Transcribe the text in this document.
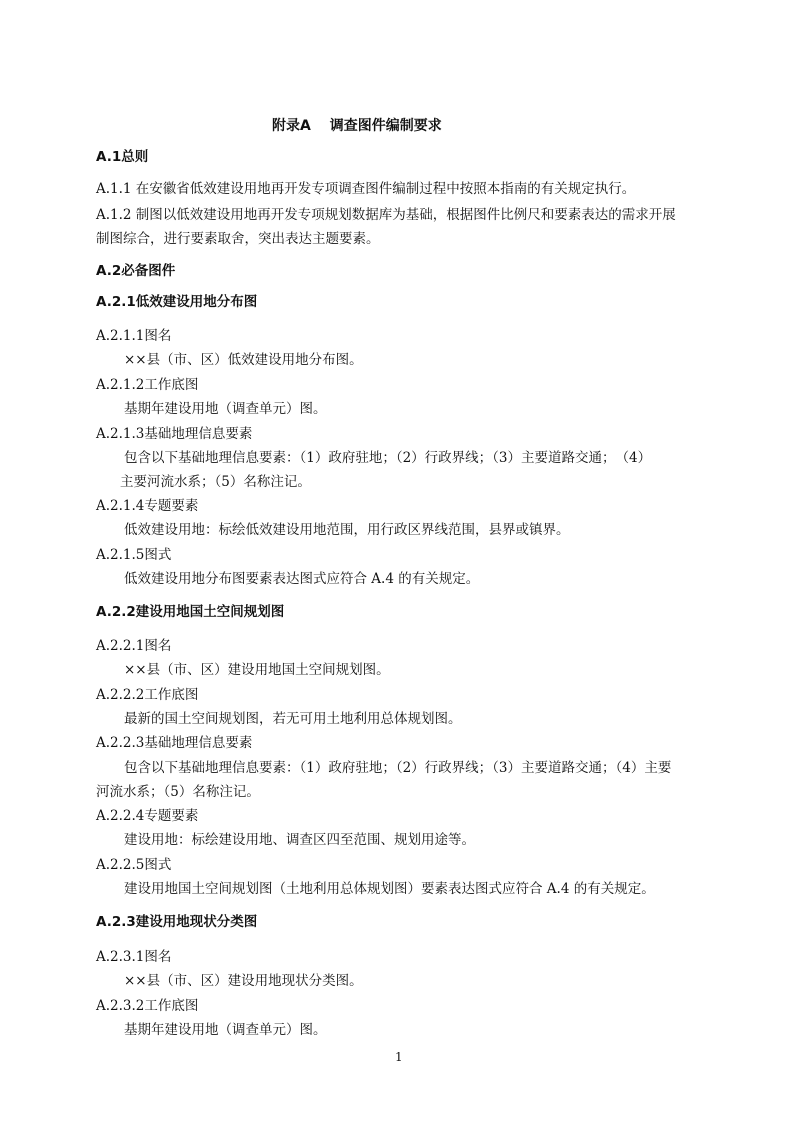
附录A　 调查图件编制要求
A.1总则
A.1.1 在安徽省低效建设用地再开发专项调查图件编制过程中按照本指南的有关规定执行。
A.1.2 制图以低效建设用地再开发专项规划数据库为基础，根据图件比例尺和要素表达的需求开展
制图综合，进行要素取舍，突出表达主题要素。
A.2必备图件
A.2.1低效建设用地分布图
A.2.1.1图名
××县（市、区）低效建设用地分布图。
A.2.1.2工作底图
基期年建设用地（调查单元）图。
A.2.1.3基础地理信息要素
包含以下基础地理信息要素：（1）政府驻地；（2）行政界线；（3）主要道路交通；　（4）
主要河流水系；（5）名称注记。
A.2.1.4专题要素
低效建设用地：标绘低效建设用地范围，用行政区界线范围，县界或镇界。
A.2.1.5图式
低效建设用地分布图要素表达图式应符合 A.4 的有关规定。
A.2.2建设用地国土空间规划图
A.2.2.1图名
××县（市、区）建设用地国土空间规划图。
A.2.2.2工作底图
最新的国土空间规划图，若无可用土地利用总体规划图。
A.2.2.3基础地理信息要素
包含以下基础地理信息要素：（1）政府驻地；（2）行政界线；（3）主要道路交通；（4）主要
河流水系；（5）名称注记。
A.2.2.4专题要素
建设用地：标绘建设用地、调查区四至范围、规划用途等。
A.2.2.5图式
建设用地国土空间规划图（土地利用总体规划图）要素表达图式应符合 A.4 的有关规定。
A.2.3建设用地现状分类图
A.2.3.1图名
××县（市、区）建设用地现状分类图。
A.2.3.2工作底图
基期年建设用地（调查单元）图。
1
